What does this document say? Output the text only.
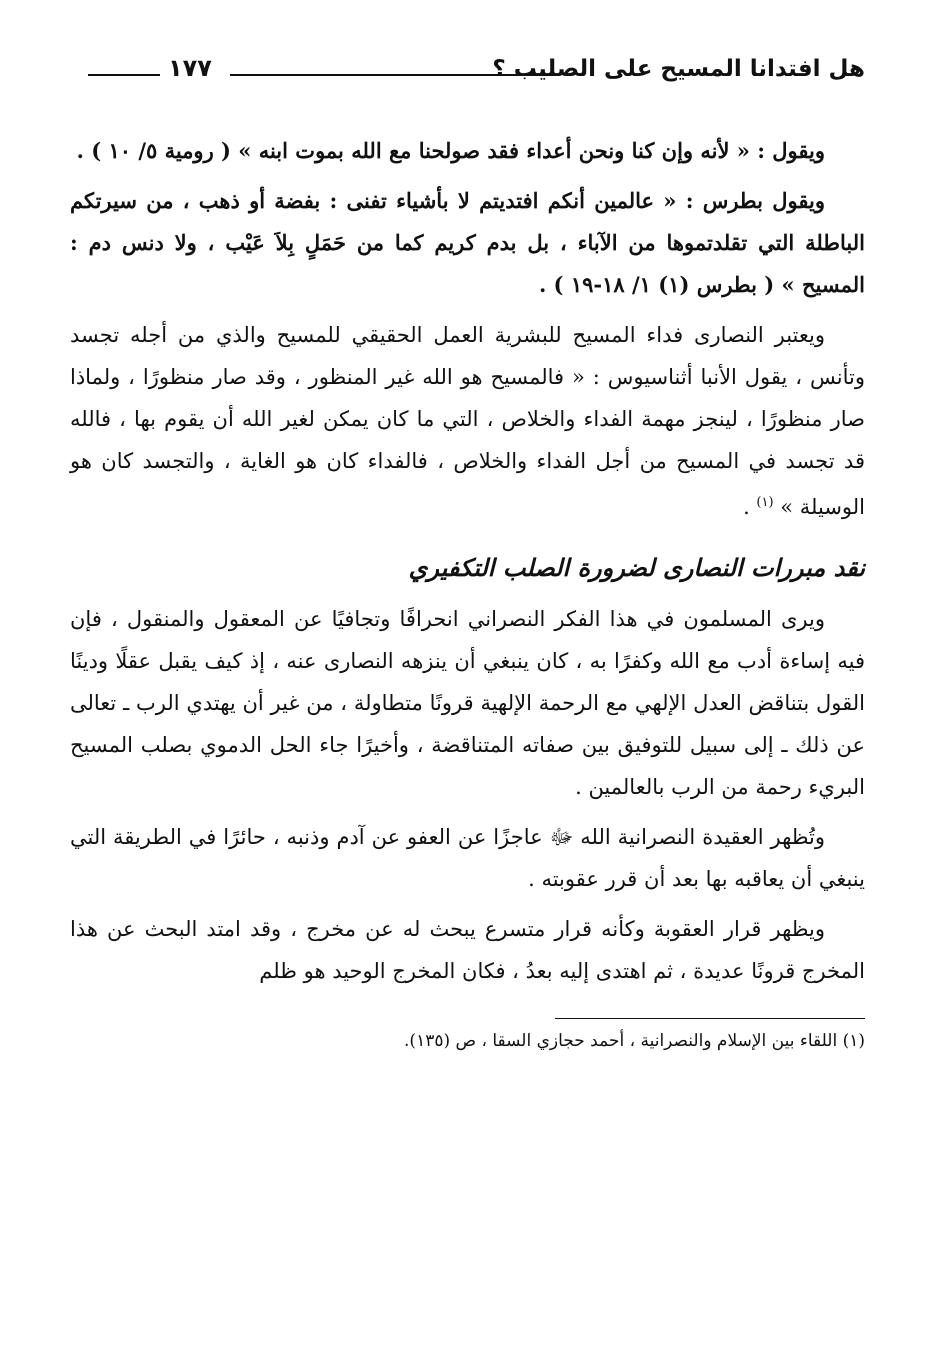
هل افتدانا المسيح على الصليب ؟
١٧٧

ويقول : « لأنه وإن كنا ونحن أعداء فقد صولحنا مع الله بموت ابنه » ( رومية ٥/ ١٠ ) .

ويقول بطرس : « عالمين أنكم افتديتم لا بأشياء تفنى : بفضة أو ذهب ، من سيرتكم الباطلة التي تقلدتموها من الآباء ، بل بدم كريم كما من حَمَلٍ بِلاَ عَيْب ، ولا دنس دم : المسيح » ( بطرس (١) ١/ ١٨-١٩ ) .

ويعتبر النصارى فداء المسيح للبشرية العمل الحقيقي للمسيح والذي من أجله تجسد وتأنس ، يقول الأنبا أثناسيوس : « فالمسيح هو الله غير المنظور ، وقد صار منظورًا ، ولماذا صار منظورًا ، لينجز مهمة الفداء والخلاص ، التي ما كان يمكن لغير الله أن يقوم بها ، فالله قد تجسد في المسيح من أجل الفداء والخلاص ، فالفداء كان هو الغاية ، والتجسد كان هو الوسيلة » $^{(١)}$ .

نقد مبررات النصارى لضرورة الصلب التكفيري

ويرى المسلمون في هذا الفكر النصراني انحرافًا وتجافيًا عن المعقول والمنقول ، فإن فيه إساءة أدب مع الله وكفرًا به ، كان ينبغي أن ينزهه النصارى عنه ، إذ كيف يقبل عقلًا ودينًا القول بتناقض العدل الإلهي مع الرحمة الإلهية قرونًا متطاولة ، من غير أن يهتدي الرب ـ تعالى عن ذلك ـ إلى سبيل للتوفيق بين صفاته المتناقضة ، وأخيرًا جاء الحل الدموي بصلب المسيح البريء رحمة من الرب بالعالمين .

وتُظهر العقيدة النصرانية الله ﷻ عاجزًا عن العفو عن آدم وذنبه ، حائرًا في الطريقة التي ينبغي أن يعاقبه بها بعد أن قرر عقوبته .

ويظهر قرار العقوبة وكأنه قرار متسرع يبحث له عن مخرج ، وقد امتد البحث عن هذا المخرج قرونًا عديدة ، ثم اهتدى إليه بعدُ ، فكان المخرج الوحيد هو ظلم

(١) اللقاء بين الإسلام والنصرانية ، أحمد حجازي السقا ، ص (١٣٥).
